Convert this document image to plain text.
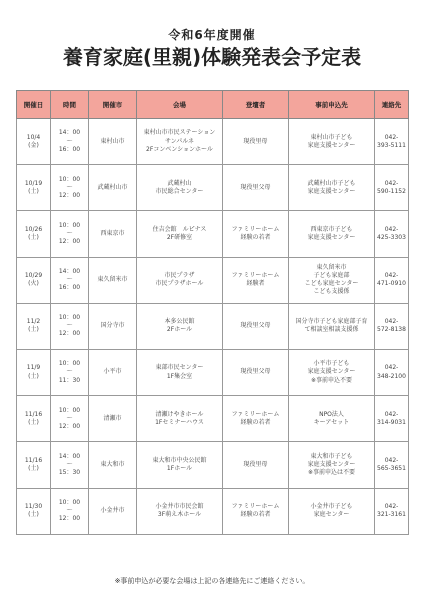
令和6年度開催
養育家庭(里親)体験発表会予定表
開催日	時間	開催市	会場	登壇者	事前申込先	連絡先
10/4
(金)	14：00
〜
16：00	東村山市	東村山市市民ステーション
サンパルネ
2Fコンベンションホール	現役里母	東村山市子ども
家庭支援センター	042-
393-5111
10/19
(土)	10：00
〜
12：00	武蔵村山市	武蔵村山
市民総合センター	現役里父母	武蔵村山市子ども
家庭支援センター	042-
590-1152
10/26
(土)	10：00
〜
12：00	西東京市	住吉会館　ルピナス
2F研修室	ファミリーホーム
経験の若者	西東京市子ども
家庭支援センター	042-
425-3303
10/29
(火)	14：00
〜
16：00	東久留米市	市民プラザ
市民プラザホール	ファミリーホーム
経験者	東久留米市
子ども家庭部
こども家庭センター
こども支援係	042-
471-0910
11/2
(土)	10：00
〜
12：00	国分寺市	本多公民館
2Fホール	現役里父母	国分寺市子ども家庭部子育
て相談室相談支援係	042-
572-8138
11/9
(土)	10：00
〜
11：30	小平市	東部市民センター
1F集会室	現役里父母	小平市子ども
家庭支援センター
※事前申込不要	042-
348-2100
11/16
(土)	10：00
〜
12：00	清瀬市	清瀬けやきホール
1Fセミナーハウス	ファミリーホーム
経験の若者	NPO法人
キーアセット	042-
314-9031
11/16
(土)	14：00
〜
15：30	東大和市	東大和市中央公民館
1Fホール	現役里母	東大和市子ども
家庭支援センター
※事前申込は不要	042-
565-3651
11/30
(土)	10：00
〜
12：00	小金井市	小金井市市民会館
3F萌え木ホール	ファミリーホーム
経験の若者	小金井市子ども
家庭センター	042-
321-3161
※事前申込が必要な会場は上記の各連絡先にご連絡ください。
